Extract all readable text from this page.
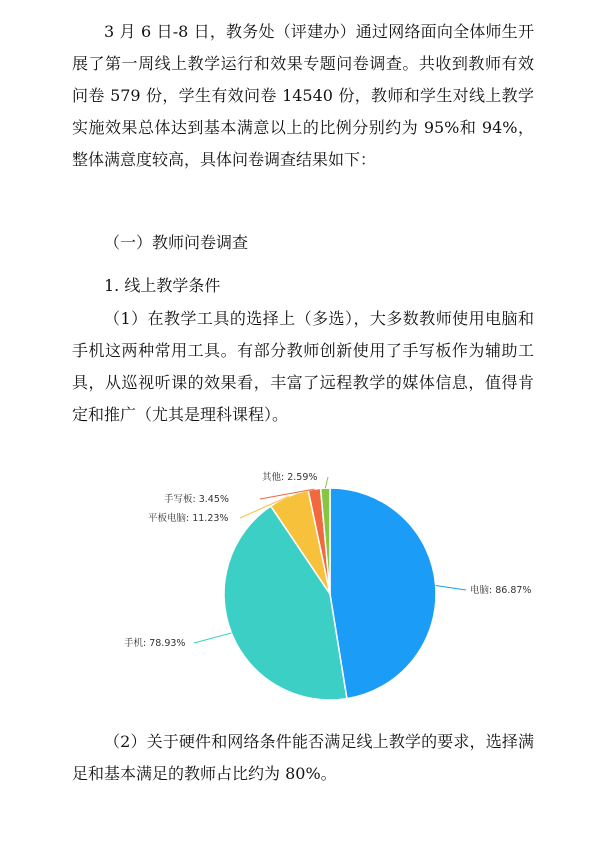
3 月 6 日-8 日，教务处（评建办）通过网络面向全体师生开展了第一周线上教学运行和效果专题问卷调查。共收到教师有效问卷 579 份，学生有效问卷 14540 份，教师和学生对线上教学实施效果总体达到基本满意以上的比例分别约为 95%和 94%，整体满意度较高，具体问卷调查结果如下：

（一）教师问卷调查

1. 线上教学条件

（1）在教学工具的选择上（多选），大多数教师使用电脑和手机这两种常用工具。有部分教师创新使用了手写板作为辅助工具，从巡视听课的效果看，丰富了远程教学的媒体信息，值得肯定和推广（尤其是理科课程）。

电脑: 86.87%
手机: 78.93%
平板电脑: 11.23%
手写板: 3.45%
其他: 2.59%

（2）关于硬件和网络条件能否满足线上教学的要求，选择满足和基本满足的教师占比约为 80%。
